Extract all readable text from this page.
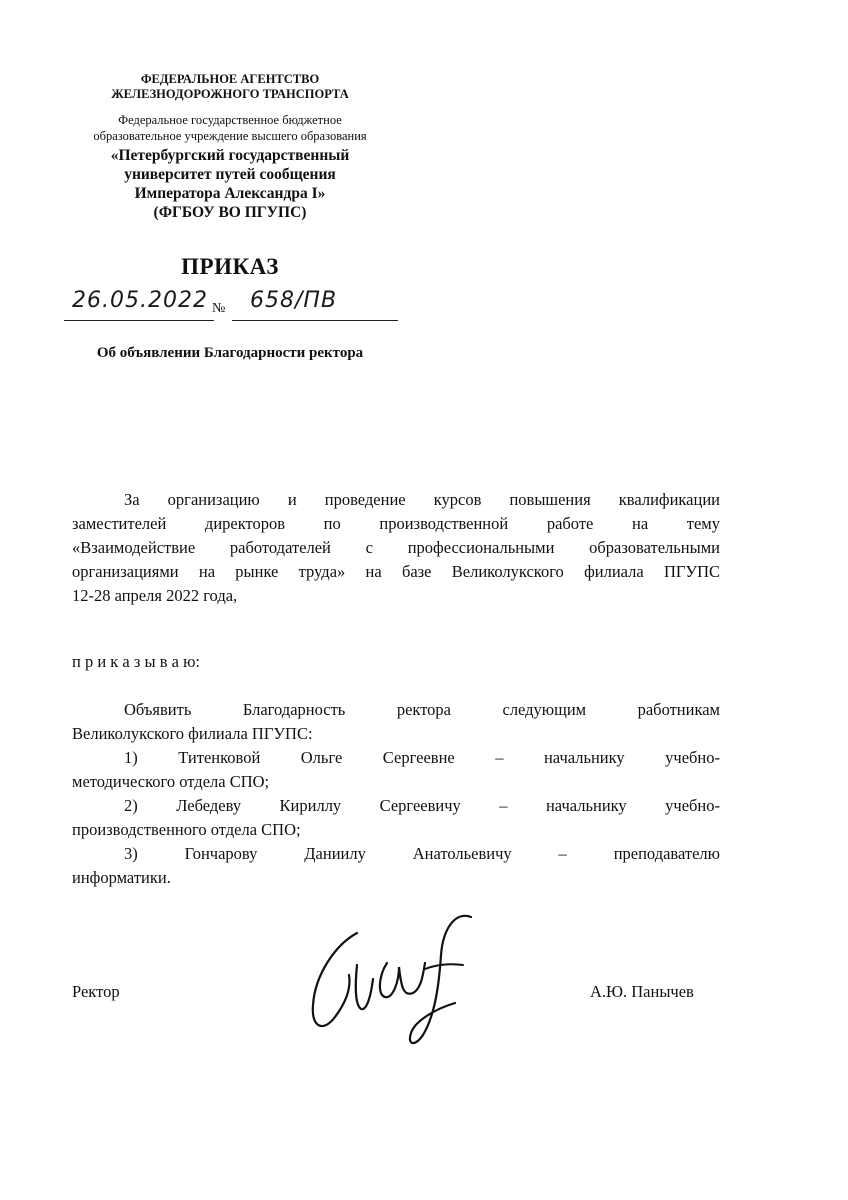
ФЕДЕРАЛЬНОЕ АГЕНТСТВО
ЖЕЛЕЗНОДОРОЖНОГО ТРАНСПОРТА
Федеральное государственное бюджетное
образовательное учреждение высшего образования
«Петербургский государственный
университет путей сообщения
Императора Александра I»
(ФГБОУ ВО ПГУПС)
ПРИКАЗ
26.05.2022 № 658/ПВ
Об объявлении Благодарности ректора
За организацию и проведение курсов повышения квалификации
заместителей директоров по производственной работе на тему
«Взаимодействие работодателей с профессиональными образовательными
организациями на рынке труда» на базе Великолукского филиала ПГУПС
12-28 апреля 2022 года,
п р и к а з ы в а ю:
Объявить Благодарность ректора следующим работникам
Великолукского филиала ПГУПС:
1) Титенковой Ольге Сергеевне – начальнику учебно-
методического отдела СПО;
2) Лебедеву Кириллу Сергеевичу – начальнику учебно-
производственного отдела СПО;
3) Гончарову Даниилу Анатольевичу – преподавателю
информатики.
Ректор	А.Ю. Панычев
